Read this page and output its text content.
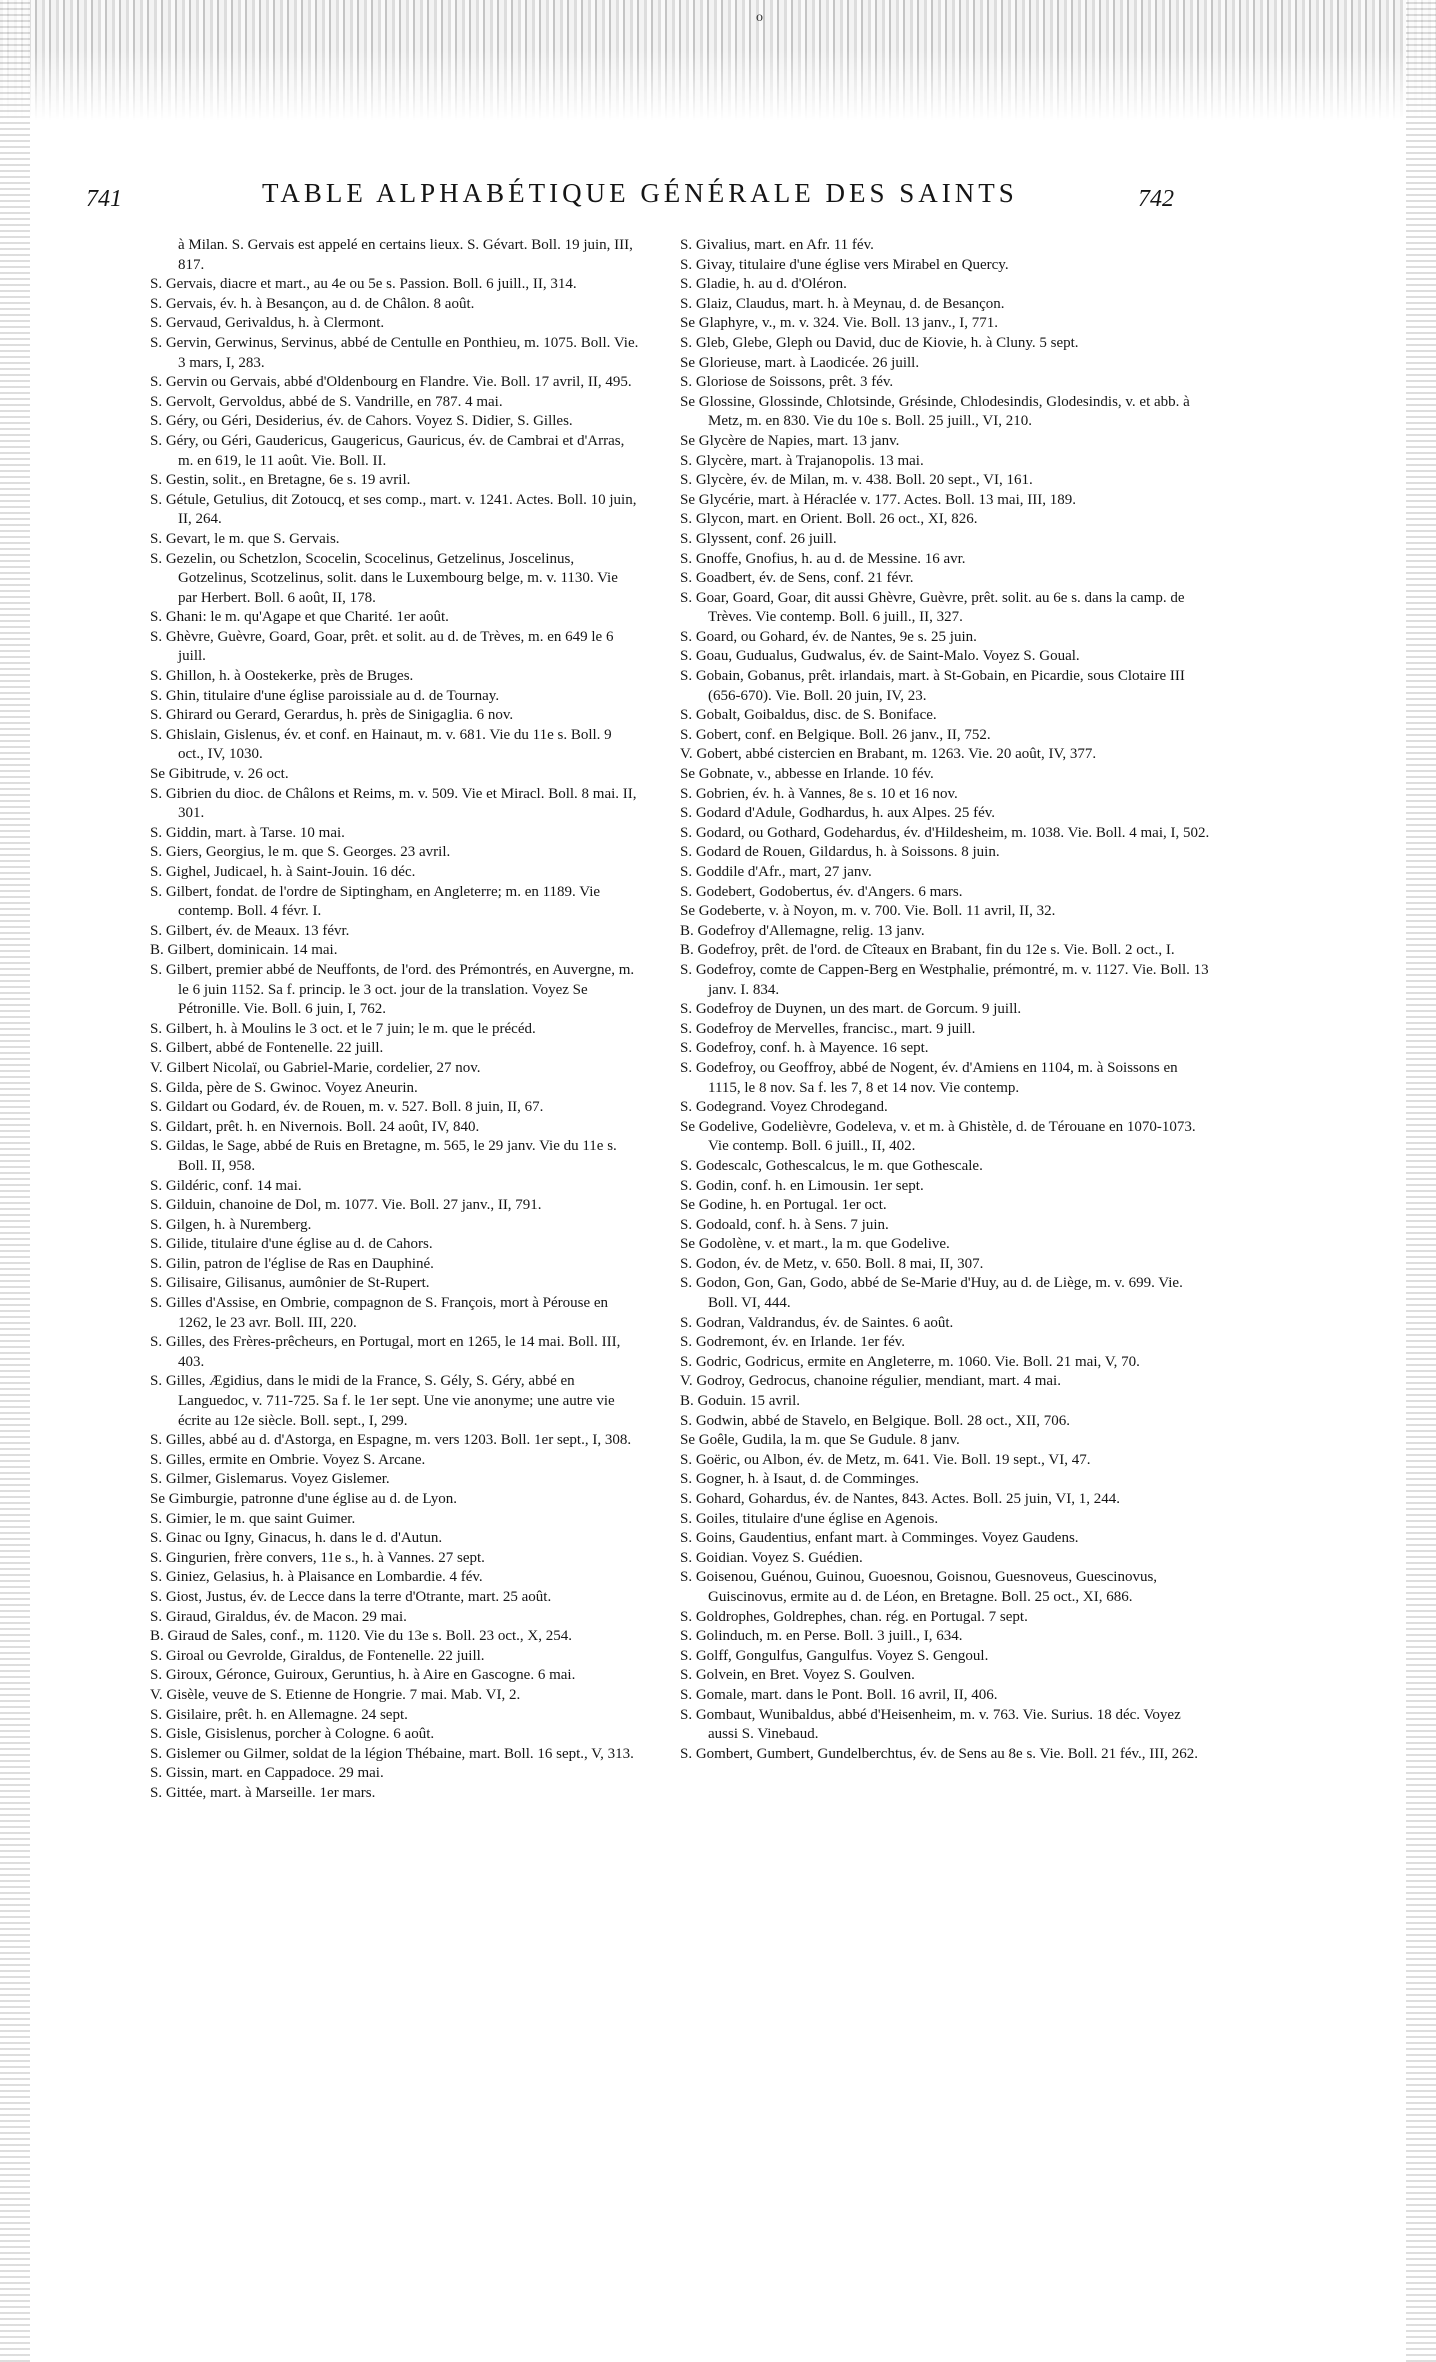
o
741	TABLE ALPHABÉTIQUE GÉNÉRALE DES SAINTS	742

à Milan. S. Gervais est appelé en certains lieux. S. Gévart. Boll. 19 juin, III, 817.

S. Gervais, diacre et mart., au 4e ou 5e s. Passion. Boll. 6 juill., II, 314.

S. Gervais, év. h. à Besançon, au d. de Châlon. 8 août.

S. Gervaud, Gerivaldus, h. à Clermont.

S. Gervin, Gerwinus, Servinus, abbé de Centulle en Ponthieu, m. 1075. Boll. Vie. 3 mars, I, 283.

S. Gervin ou Gervais, abbé d'Oldenbourg en Flandre. Vie. Boll. 17 avril, II, 495.

S. Gervolt, Gervoldus, abbé de S. Vandrille, en 787. 4 mai.

S. Géry, ou Géri, Desiderius, év. de Cahors. Voyez S. Didier, S. Gilles.

S. Géry, ou Géri, Gaudericus, Gaugericus, Gauricus, év. de Cambrai et d'Arras, m. en 619, le 11 août. Vie. Boll. II.

S. Gestin, solit., en Bretagne, 6e s. 19 avril.

S. Gétule, Getulius, dit Zotoucq, et ses comp., mart. v. 1241. Actes. Boll. 10 juin, II, 264.

S. Gevart, le m. que S. Gervais.

S. Gezelin, ou Schetzlon, Scocelin, Scocelinus, Getzelinus, Joscelinus, Gotzelinus, Scotzelinus, solit. dans le Luxembourg belge, m. v. 1130. Vie par Herbert. Boll. 6 août, II, 178.

S. Ghani: le m. qu'Agape et que Charité. 1er août.

S. Ghèvre, Guèvre, Goard, Goar, prêt. et solit. au d. de Trèves, m. en 649 le 6 juill.

S. Ghillon, h. à Oostekerke, près de Bruges.

S. Ghin, titulaire d'une église paroissiale au d. de Tournay.

S. Ghirard ou Gerard, Gerardus, h. près de Sinigaglia. 6 nov.

S. Ghislain, Gislenus, év. et conf. en Hainaut, m. v. 681. Vie du 11e s. Boll. 9 oct., IV, 1030.

Se Gibitrude, v. 26 oct.

S. Gibrien du dioc. de Châlons et Reims, m. v. 509. Vie et Miracl. Boll. 8 mai. II, 301.

S. Giddin, mart. à Tarse. 10 mai.

S. Giers, Georgius, le m. que S. Georges. 23 avril.

S. Gighel, Judicael, h. à Saint-Jouin. 16 déc.

S. Gilbert, fondat. de l'ordre de Siptingham, en Angleterre; m. en 1189. Vie contemp. Boll. 4 févr. I.

S. Gilbert, év. de Meaux. 13 févr.

B. Gilbert, dominicain. 14 mai.

S. Gilbert, premier abbé de Neuffonts, de l'ord. des Prémontrés, en Auvergne, m. le 6 juin 1152. Sa f. princip. le 3 oct. jour de la translation. Voyez Se Pétronille. Vie. Boll. 6 juin, I, 762.

S. Gilbert, h. à Moulins le 3 oct. et le 7 juin; le m. que le précéd.

S. Gilbert, abbé de Fontenelle. 22 juill.

V. Gilbert Nicolaï, ou Gabriel-Marie, cordelier, 27 nov.

S. Gilda, père de S. Gwinoc. Voyez Aneurin.

S. Gildart ou Godard, év. de Rouen, m. v. 527. Boll. 8 juin, II, 67.

S. Gildart, prêt. h. en Nivernois. Boll. 24 août, IV, 840.

S. Gildas, le Sage, abbé de Ruis en Bretagne, m. 565, le 29 janv. Vie du 11e s. Boll. II, 958.

S. Gildéric, conf. 14 mai.

S. Gilduin, chanoine de Dol, m. 1077. Vie. Boll. 27 janv., II, 791.

S. Gilgen, h. à Nuremberg.

S. Gilide, titulaire d'une église au d. de Cahors.

S. Gilin, patron de l'église de Ras en Dauphiné.

S. Gilisaire, Gilisanus, aumônier de St-Rupert.

S. Gilles d'Assise, en Ombrie, compagnon de S. François, mort à Pérouse en 1262, le 23 avr. Boll. III, 220.

S. Gilles, des Frères-prêcheurs, en Portugal, mort en 1265, le 14 mai. Boll. III, 403.

S. Gilles, Ægidius, dans le midi de la France, S. Gély, S. Géry, abbé en Languedoc, v. 711-725. Sa f. le 1er sept. Une vie anonyme; une autre vie écrite au 12e siècle. Boll. sept., I, 299.

S. Gilles, abbé au d. d'Astorga, en Espagne, m. vers 1203. Boll. 1er sept., I, 308.

S. Gilles, ermite en Ombrie. Voyez S. Arcane.

S. Gilmer, Gislemarus. Voyez Gislemer.

Se Gimburgie, patronne d'une église au d. de Lyon.

S. Gimier, le m. que saint Guimer.

S. Ginac ou Igny, Ginacus, h. dans le d. d'Autun.

S. Gingurien, frère convers, 11e s., h. à Vannes. 27 sept.

S. Giniez, Gelasius, h. à Plaisance en Lombardie. 4 fév.

S. Giost, Justus, év. de Lecce dans la terre d'Otrante, mart. 25 août.

S. Giraud, Giraldus, év. de Macon. 29 mai.

B. Giraud de Sales, conf., m. 1120. Vie du 13e s. Boll. 23 oct., X, 254.

S. Giroal ou Gevrolde, Giraldus, de Fontenelle. 22 juill.

S. Giroux, Géronce, Guiroux, Geruntius, h. à Aire en Gascogne. 6 mai.

V. Gisèle, veuve de S. Etienne de Hongrie. 7 mai. Mab. VI, 2.

S. Gisilaire, prêt. h. en Allemagne. 24 sept.

S. Gisle, Gisislenus, porcher à Cologne. 6 août.

S. Gislemer ou Gilmer, soldat de la légion Thébaine, mart. Boll. 16 sept., V, 313.

S. Gissin, mart. en Cappadoce. 29 mai.

S. Gittée, mart. à Marseille. 1er mars.

S. Givalius, mart. en Afr. 11 fév.

S. Givay, titulaire d'une église vers Mirabel en Quercy.

S. Gladie, h. au d. d'Oléron.

S. Glaiz, Claudus, mart. h. à Meynau, d. de Besançon.

Se Glaphyre, v., m. v. 324. Vie. Boll. 13 janv., I, 771.

S. Gleb, Glebe, Gleph ou David, duc de Kiovie, h. à Cluny. 5 sept.

Se Glorieuse, mart. à Laodicée. 26 juill.

S. Gloriose de Soissons, prêt. 3 fév.

Se Glossine, Glossinde, Chlotsinde, Grésinde, Chlodesindis, Glodesindis, v. et abb. à Metz, m. en 830. Vie du 10e s. Boll. 25 juill., VI, 210.

Se Glycère de Napies, mart. 13 janv.

S. Glycère, mart. à Trajanopolis. 13 mai.

S. Glycère, év. de Milan, m. v. 438. Boll. 20 sept., VI, 161.

Se Glycérie, mart. à Héraclée v. 177. Actes. Boll. 13 mai, III, 189.

S. Glycon, mart. en Orient. Boll. 26 oct., XI, 826.

S. Glyssent, conf. 26 juill.

S. Gnoffe, Gnofius, h. au d. de Messine. 16 avr.

S. Goadbert, év. de Sens, conf. 21 févr.

S. Goar, Goard, Goar, dit aussi Ghèvre, Guèvre, prêt. solit. au 6e s. dans la camp. de Trèves. Vie contemp. Boll. 6 juill., II, 327.

S. Goard, ou Gohard, év. de Nantes, 9e s. 25 juin.

S. Goau, Gudualus, Gudwalus, év. de Saint-Malo. Voyez S. Goual.

S. Gobain, Gobanus, prêt. irlandais, mart. à St-Gobain, en Picardie, sous Clotaire III (656-670). Vie. Boll. 20 juin, IV, 23.

S. Gobalt, Goibaldus, disc. de S. Boniface.

S. Gobert, conf. en Belgique. Boll. 26 janv., II, 752.

V. Gobert, abbé cistercien en Brabant, m. 1263. Vie. 20 août, IV, 377.

Se Gobnate, v., abbesse en Irlande. 10 fév.

S. Gobrien, év. h. à Vannes, 8e s. 10 et 16 nov.

S. Godard d'Adule, Godhardus, h. aux Alpes. 25 fév.

S. Godard, ou Gothard, Godehardus, év. d'Hildesheim, m. 1038. Vie. Boll. 4 mai, I, 502.

S. Godard de Rouen, Gildardus, h. à Soissons. 8 juin.

S. Goddile d'Afr., mart, 27 janv.

S. Godebert, Godobertus, év. d'Angers. 6 mars.

Se Godeberte, v. à Noyon, m. v. 700. Vie. Boll. 11 avril, II, 32.

B. Godefroy d'Allemagne, relig. 13 janv.

B. Godefroy, prêt. de l'ord. de Cîteaux en Brabant, fin du 12e s. Vie. Boll. 2 oct., I.

S. Godefroy, comte de Cappen-Berg en Westphalie, prémontré, m. v. 1127. Vie. Boll. 13 janv. I. 834.

S. Godefroy de Duynen, un des mart. de Gorcum. 9 juill.

S. Godefroy de Mervelles, francisc., mart. 9 juill.

S. Godefroy, conf. h. à Mayence. 16 sept.

S. Godefroy, ou Geoffroy, abbé de Nogent, év. d'Amiens en 1104, m. à Soissons en 1115, le 8 nov. Sa f. les 7, 8 et 14 nov. Vie contemp.

S. Godegrand. Voyez Chrodegand.

Se Godelive, Godelièvre, Godeleva, v. et m. à Ghistèle, d. de Térouane en 1070-1073. Vie contemp. Boll. 6 juill., II, 402.

S. Godescalc, Gothescalcus, le m. que Gothescale.

S. Godin, conf. h. en Limousin. 1er sept.

Se Godine, h. en Portugal. 1er oct.

S. Godoald, conf. h. à Sens. 7 juin.

Se Godolène, v. et mart., la m. que Godelive.

S. Godon, év. de Metz, v. 650. Boll. 8 mai, II, 307.

S. Godon, Gon, Gan, Godo, abbé de Se-Marie d'Huy, au d. de Liège, m. v. 699. Vie. Boll. VI, 444.

S. Godran, Valdrandus, év. de Saintes. 6 août.

S. Godremont, év. en Irlande. 1er fév.

S. Godric, Godricus, ermite en Angleterre, m. 1060. Vie. Boll. 21 mai, V, 70.

V. Godroy, Gedrocus, chanoine régulier, mendiant, mart. 4 mai.

B. Goduin. 15 avril.

S. Godwin, abbé de Stavelo, en Belgique. Boll. 28 oct., XII, 706.

Se Goêle, Gudila, la m. que Se Gudule. 8 janv.

S. Goëric, ou Albon, év. de Metz, m. 641. Vie. Boll. 19 sept., VI, 47.

S. Gogner, h. à Isaut, d. de Comminges.

S. Gohard, Gohardus, év. de Nantes, 843. Actes. Boll. 25 juin, VI, 1, 244.

S. Goiles, titulaire d'une église en Agenois.

S. Goins, Gaudentius, enfant mart. à Comminges. Voyez Gaudens.

S. Goidian. Voyez S. Guédien.

S. Goisenou, Guénou, Guinou, Guoesnou, Goisnou, Guesnoveus, Guescinovus, Guiscinovus, ermite au d. de Léon, en Bretagne. Boll. 25 oct., XI, 686.

S. Goldrophes, Goldrephes, chan. rég. en Portugal. 7 sept.

S. Golinduch, m. en Perse. Boll. 3 juill., I, 634.

S. Golff, Gongulfus, Gangulfus. Voyez S. Gengoul.

S. Golvein, en Bret. Voyez S. Goulven.

S. Gomale, mart. dans le Pont. Boll. 16 avril, II, 406.

S. Gombaut, Wunibaldus, abbé d'Heisenheim, m. v. 763. Vie. Surius. 18 déc. Voyez aussi S. Vinebaud.

S. Gombert, Gumbert, Gundelberchtus, év. de Sens au 8e s. Vie. Boll. 21 fév., III, 262.
